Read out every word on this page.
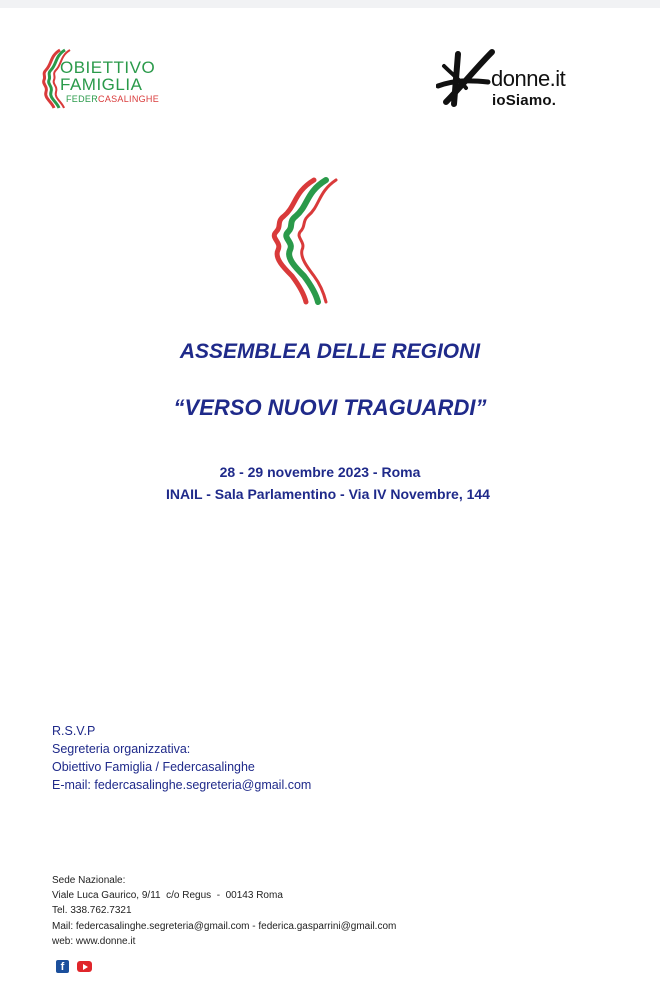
OBIETTIVO
FAMIGLIA
FEDERCASALINGHE
donne.it
ioSiamo.
ASSEMBLEA DELLE REGIONI
“VERSO NUOVI TRAGUARDI”
28 - 29 novembre 2023 - Roma
INAIL - Sala Parlamentino - Via IV Novembre, 144
R.S.V.P
Segreteria organizzativa:
Obiettivo Famiglia / Federcasalinghe
E-mail: federcasalinghe.segreteria@gmail.com
Sede Nazionale:
Viale Luca Gaurico, 9/11  c/o Regus  -  00143 Roma
Tel. 338.762.7321
Mail: federcasalinghe.segreteria@gmail.com - federica.gasparrini@gmail.com
web: www.donne.it
f
